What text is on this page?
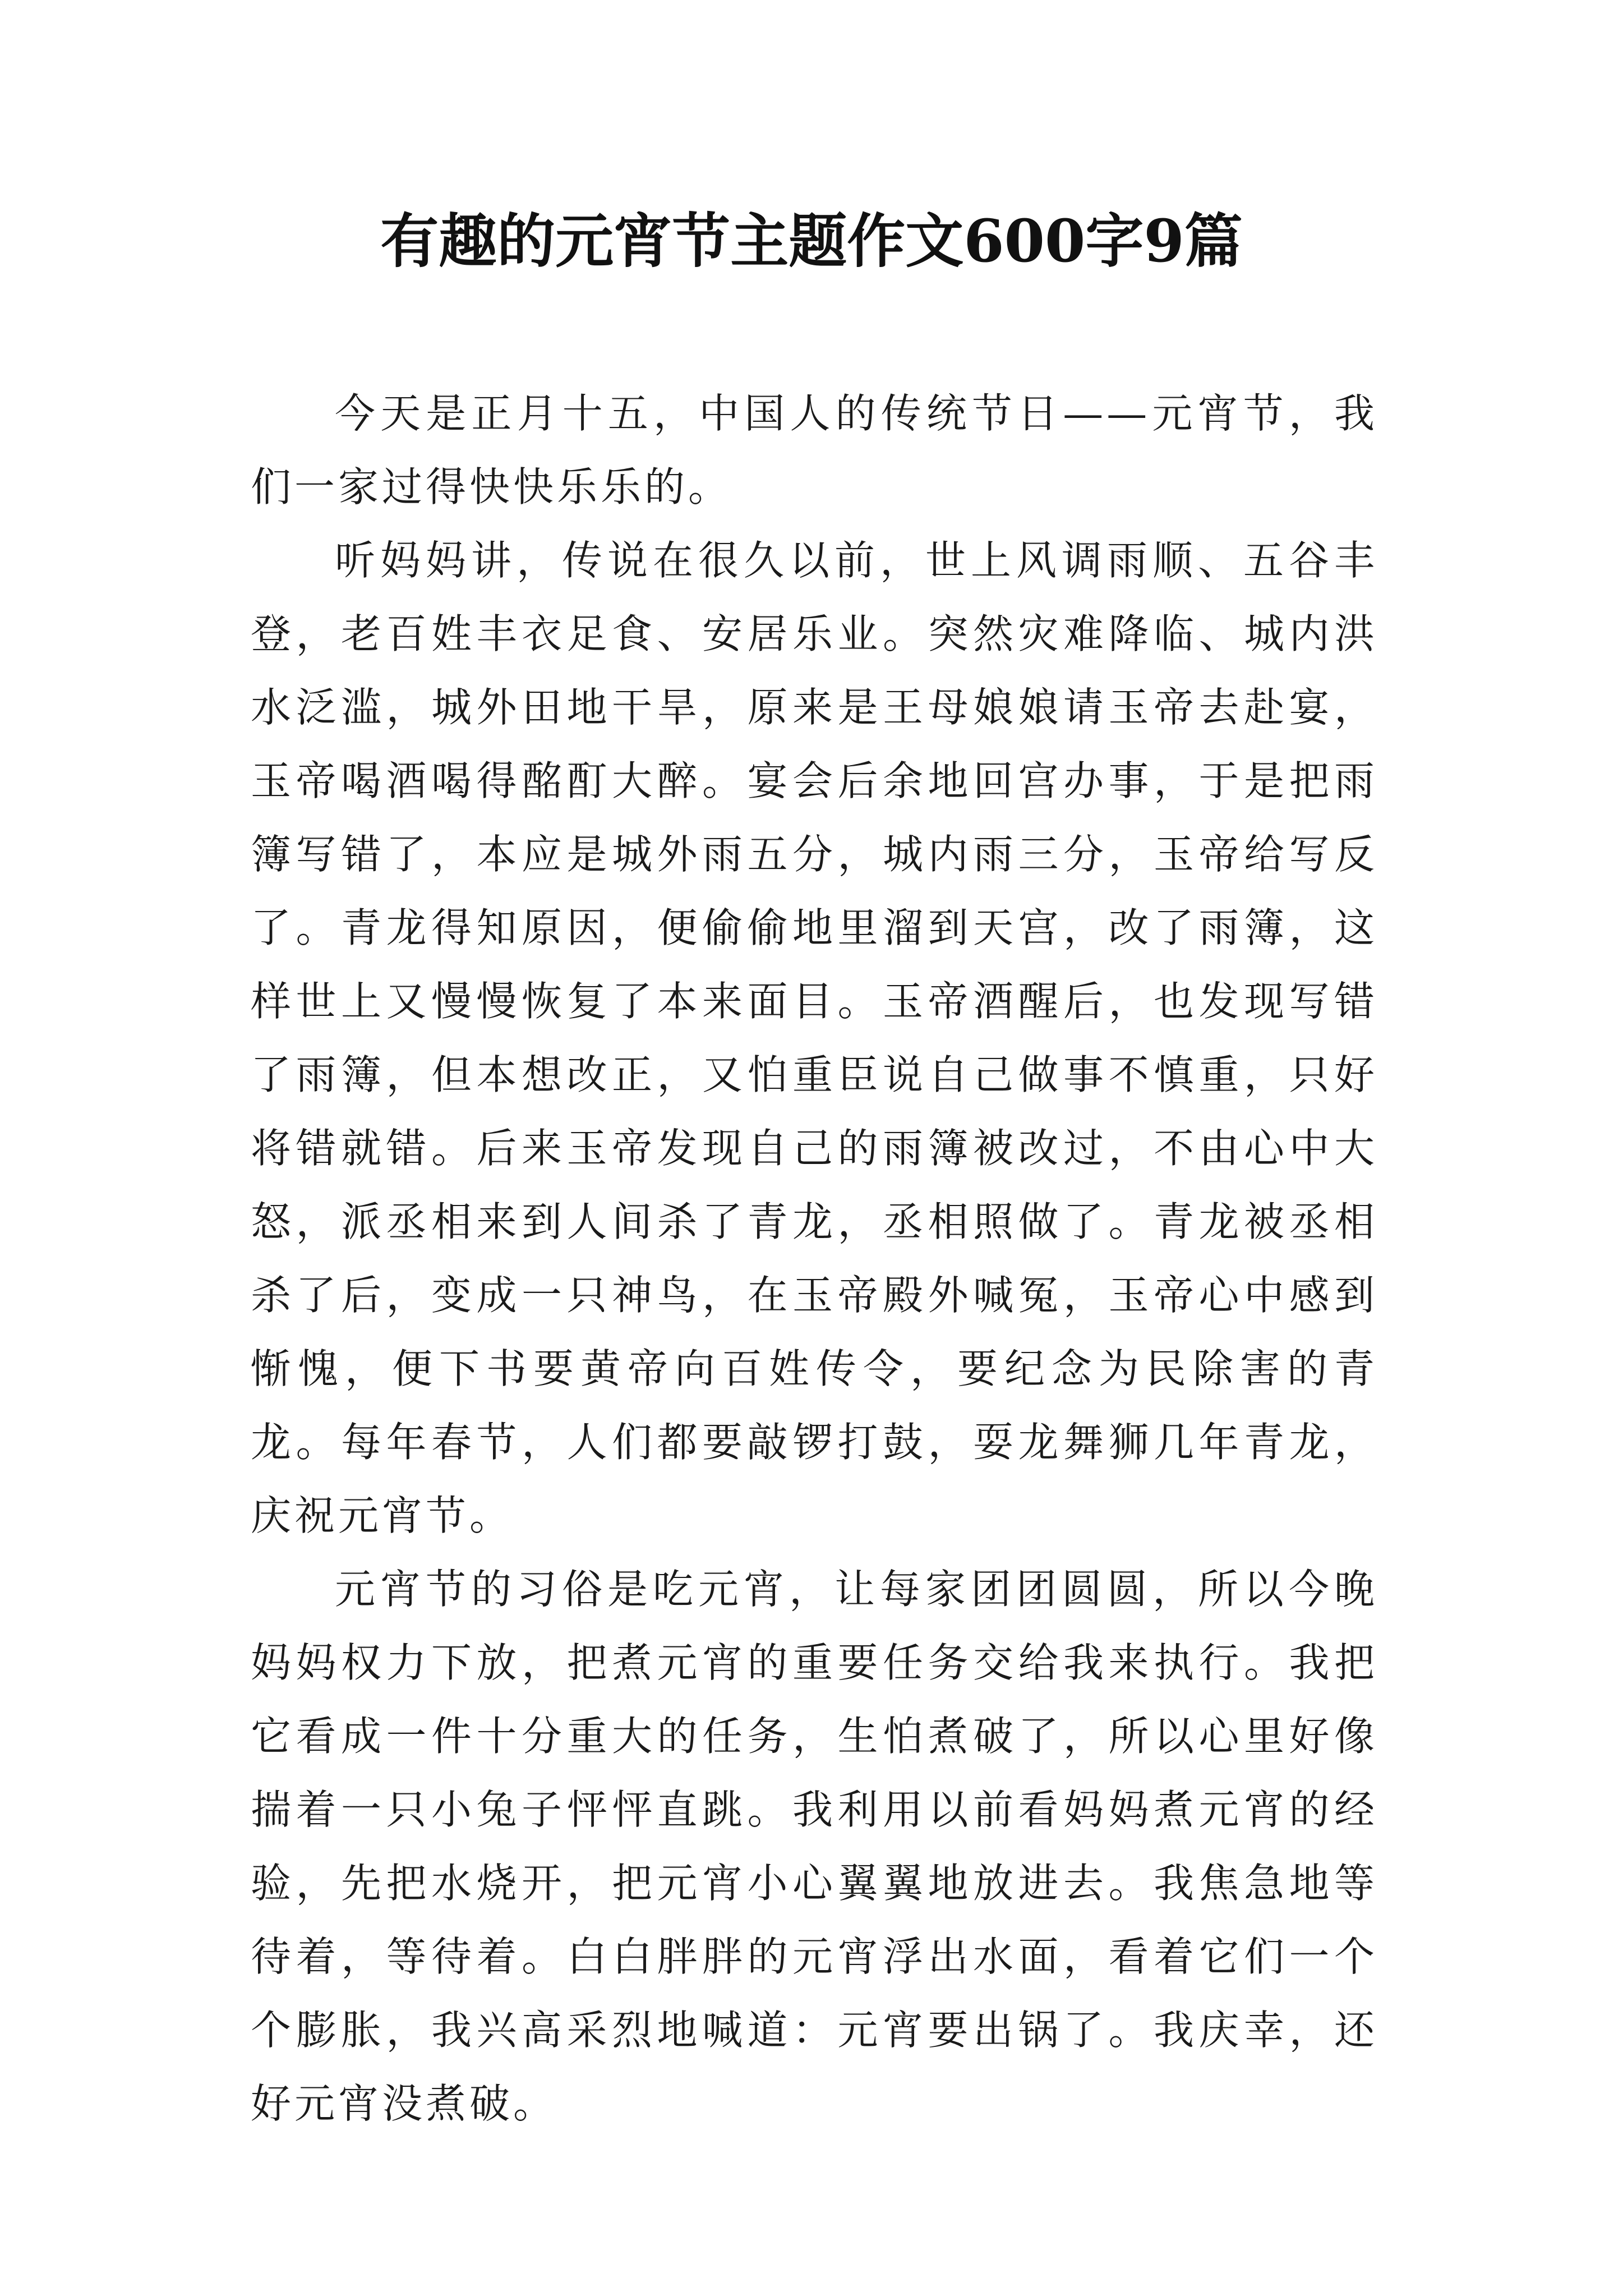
有趣的元宵节主题作文600字9篇

今天是正月十五，中国人的传统节日——元宵节，我们一家过得快快乐乐的。

听妈妈讲，传说在很久以前，世上风调雨顺、五谷丰登，老百姓丰衣足食、安居乐业。突然灾难降临、城内洪水泛滥，城外田地干旱，原来是王母娘娘请玉帝去赴宴，玉帝喝酒喝得酩酊大醉。宴会后余地回宫办事，于是把雨簿写错了，本应是城外雨五分，城内雨三分，玉帝给写反了。青龙得知原因，便偷偷地里溜到天宫，改了雨簿，这样世上又慢慢恢复了本来面目。玉帝酒醒后，也发现写错了雨簿，但本想改正，又怕重臣说自己做事不慎重，只好将错就错。后来玉帝发现自己的雨簿被改过，不由心中大怒，派丞相来到人间杀了青龙，丞相照做了。青龙被丞相杀了后，变成一只神鸟，在玉帝殿外喊冤，玉帝心中感到惭愧，便下书要黄帝向百姓传令，要纪念为民除害的青龙。每年春节，人们都要敲锣打鼓，耍龙舞狮几年青龙，庆祝元宵节。

元宵节的习俗是吃元宵，让每家团团圆圆，所以今晚妈妈权力下放，把煮元宵的重要任务交给我来执行。我把它看成一件十分重大的任务，生怕煮破了，所以心里好像揣着一只小兔子怦怦直跳。我利用以前看妈妈煮元宵的经验，先把水烧开，把元宵小心翼翼地放进去。我焦急地等待着，等待着。白白胖胖的元宵浮出水面，看着它们一个个膨胀，我兴高采烈地喊道：元宵要出锅了。我庆幸，还好元宵没煮破。
